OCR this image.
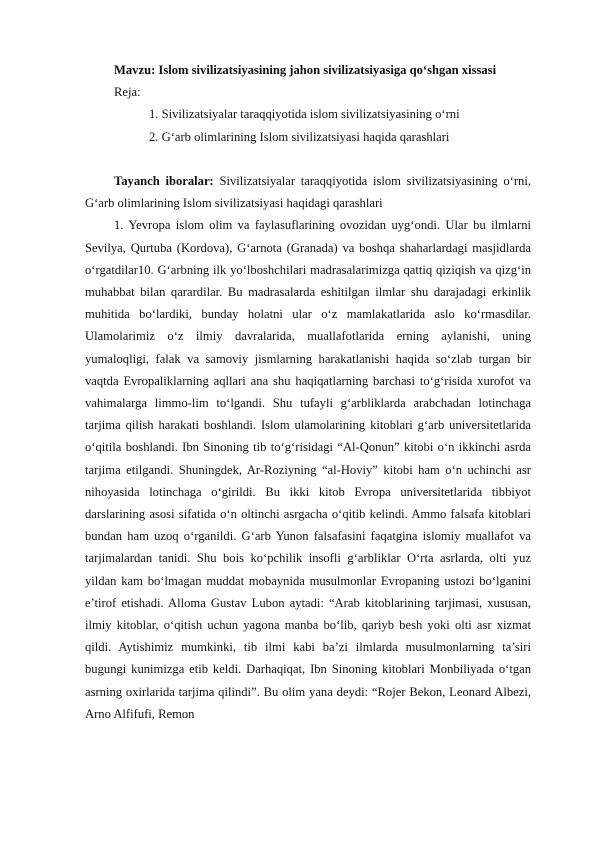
Mavzu: Islom sivilizatsiyasining jahon sivilizatsiyasiga qo‘shgan xissasi
Reja:
1. Sivilizatsiyalar taraqqiyotida islom sivilizatsiyasining o‘rni
2. G‘arb olimlarining Islom sivilizatsiyasi haqida qarashlari

Tayanch iboralar: Sivilizatsiyalar taraqqiyotida islom sivilizatsiyasining o‘rni, G‘arb olimlarining Islom sivilizatsiyasi haqidagi qarashlari

1. Yevropa islom olim va faylasuflarining ovozidan uyg‘ondi. Ular bu ilmlarni Sevilya, Qurtuba (Kordova), G‘arnota (Granada) va boshqa shaharlardagi masjidlarda o‘rgatdilar10. G‘arbning ilk yo‘lboshchilari madrasalarimizga qattiq qiziqish va qizg‘in muhabbat bilan qarardilar. Bu madrasalarda eshitilgan ilmlar shu darajadagi erkinlik muhitida bo‘lardiki, bunday holatni ular o‘z mamlakatlarida aslo ko‘rmasdilar. Ulamolarimiz o‘z ilmiy davralarida, muallafotlarida erning aylanishi, uning yumaloqligi, falak va samoviy jismlarning harakatlanishi haqida so‘zlab turgan bir vaqtda Evropaliklarning aqllari ana shu haqiqatlarning barchasi to‘g‘risida xurofot va vahimalarga limmo-lim to‘lgandi. Shu tufayli g‘arbliklarda arabchadan lotinchaga tarjima qilish harakati boshlandi. Islom ulamolarining kitoblari g‘arb universitetlarida o‘qitila boshlandi. Ibn Sinoning tib to‘g‘risidagi “Al-Qonun” kitobi o‘n ikkinchi asrda tarjima etilgandi. Shuningdek, Ar-Roziyning “al-Hoviy” kitobi ham o‘n uchinchi asr nihoyasida lotinchaga o‘girildi. Bu ikki kitob Evropa universitetlarida tibbiyot darslarining asosi sifatida o‘n oltinchi asrgacha o‘qitib kelindi. Ammo falsafa kitoblari bundan ham uzoq o‘rganildi. G‘arb Yunon falsafasini faqatgina islomiy muallafot va tarjimalardan tanidi. Shu bois ko‘pchilik insofli g‘arbliklar O‘rta asrlarda, olti yuz yildan kam bo‘lmagan muddat mobaynida musulmonlar Evropaning ustozi bo‘lganini e’tirof etishadi. Alloma Gustav Lubon aytadi: “Arab kitoblarining tarjimasi, xususan, ilmiy kitoblar, o‘qitish uchun yagona manba bo‘lib, qariyb besh yoki olti asr xizmat qildi. Aytishimiz mumkinki, tib ilmi kabi ba’zi ilmlarda musulmonlarning ta’siri bugungi kunimizga etib keldi. Darhaqiqat, Ibn Sinoning kitoblari Monbiliyada o‘tgan asrning oxirlarida tarjima qilindi”. Bu olim yana deydi: “Rojer Bekon, Leonard Albezi, Arno Alfifufi, Remon
